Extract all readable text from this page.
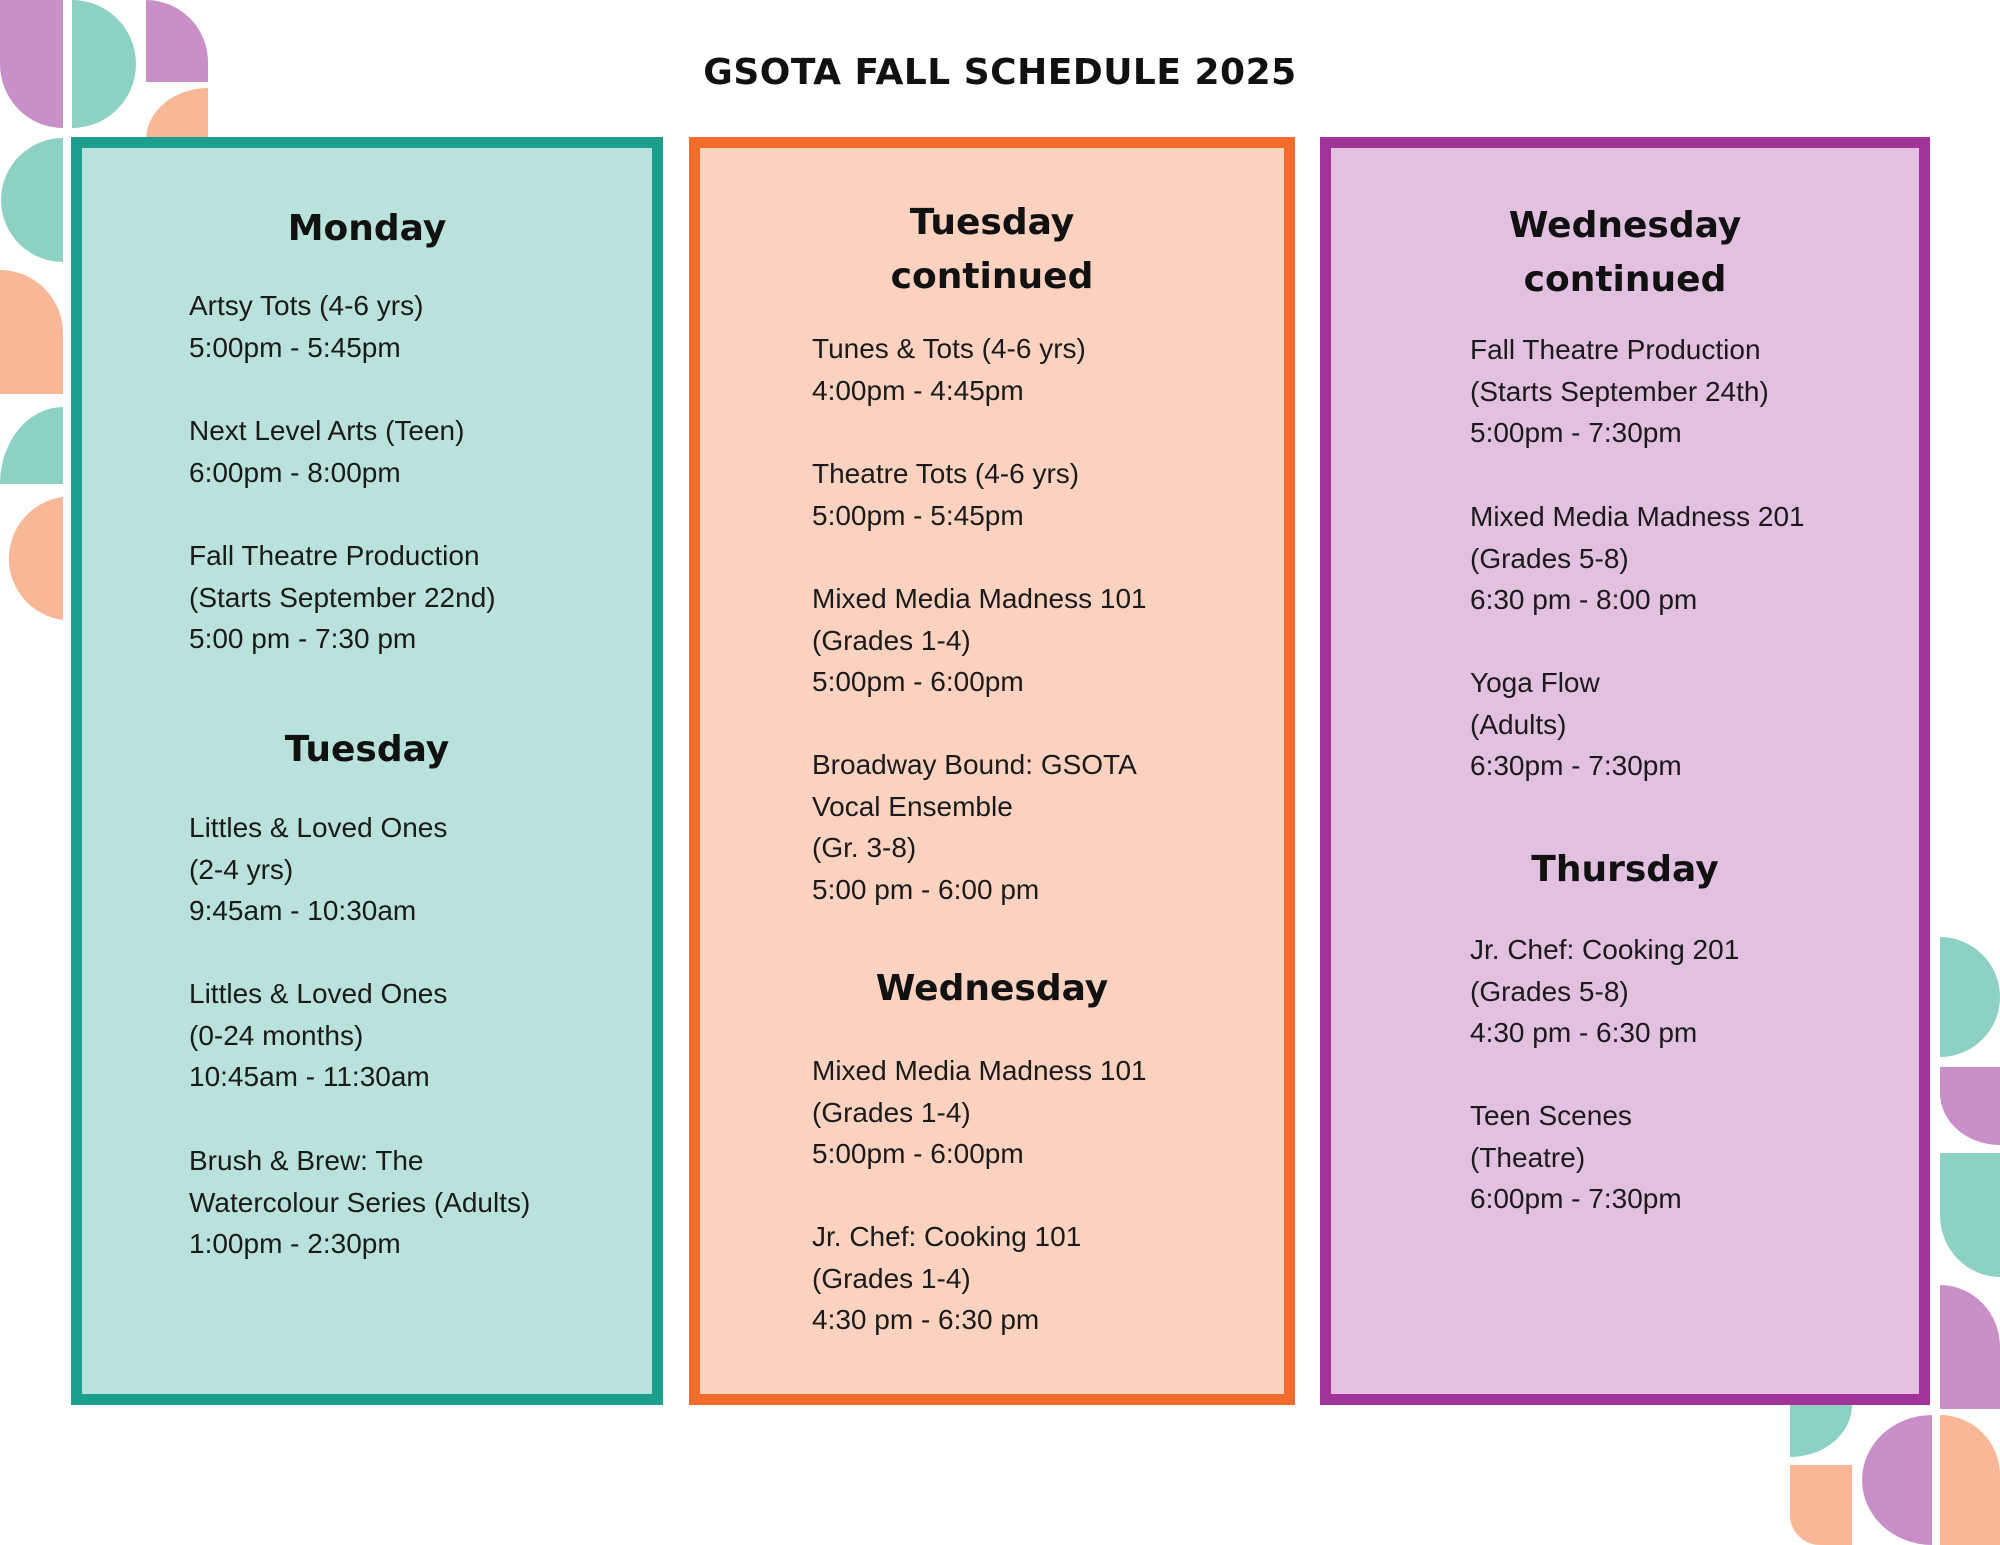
GSOTA FALL SCHEDULE 2025
Monday
Artsy Tots (4-6 yrs)
5:00pm - 5:45pm
Next Level Arts (Teen)
6:00pm - 8:00pm
Fall Theatre Production
(Starts September 22nd)
5:00 pm - 7:30 pm
Tuesday
Littles & Loved Ones
(2-4 yrs)
9:45am - 10:30am
Littles & Loved Ones
(0-24 months)
10:45am - 11:30am
Brush & Brew: The
Watercolour Series (Adults)
1:00pm - 2:30pm
Tuesday
continued
Tunes & Tots (4-6 yrs)
4:00pm - 4:45pm
Theatre Tots (4-6 yrs)
5:00pm - 5:45pm
Mixed Media Madness 101
(Grades 1-4)
5:00pm - 6:00pm
Broadway Bound: GSOTA
Vocal Ensemble
(Gr. 3-8)
5:00 pm - 6:00 pm
Wednesday
Mixed Media Madness 101
(Grades 1-4)
5:00pm - 6:00pm
Jr. Chef: Cooking 101
(Grades 1-4)
4:30 pm - 6:30 pm
Wednesday
continued
Fall Theatre Production
(Starts September 24th)
5:00pm - 7:30pm
Mixed Media Madness 201
(Grades 5-8)
6:30 pm - 8:00 pm
Yoga Flow
(Adults)
6:30pm - 7:30pm
Thursday
Jr. Chef: Cooking 201
(Grades 5-8)
4:30 pm - 6:30 pm
Teen Scenes
(Theatre)
6:00pm - 7:30pm
